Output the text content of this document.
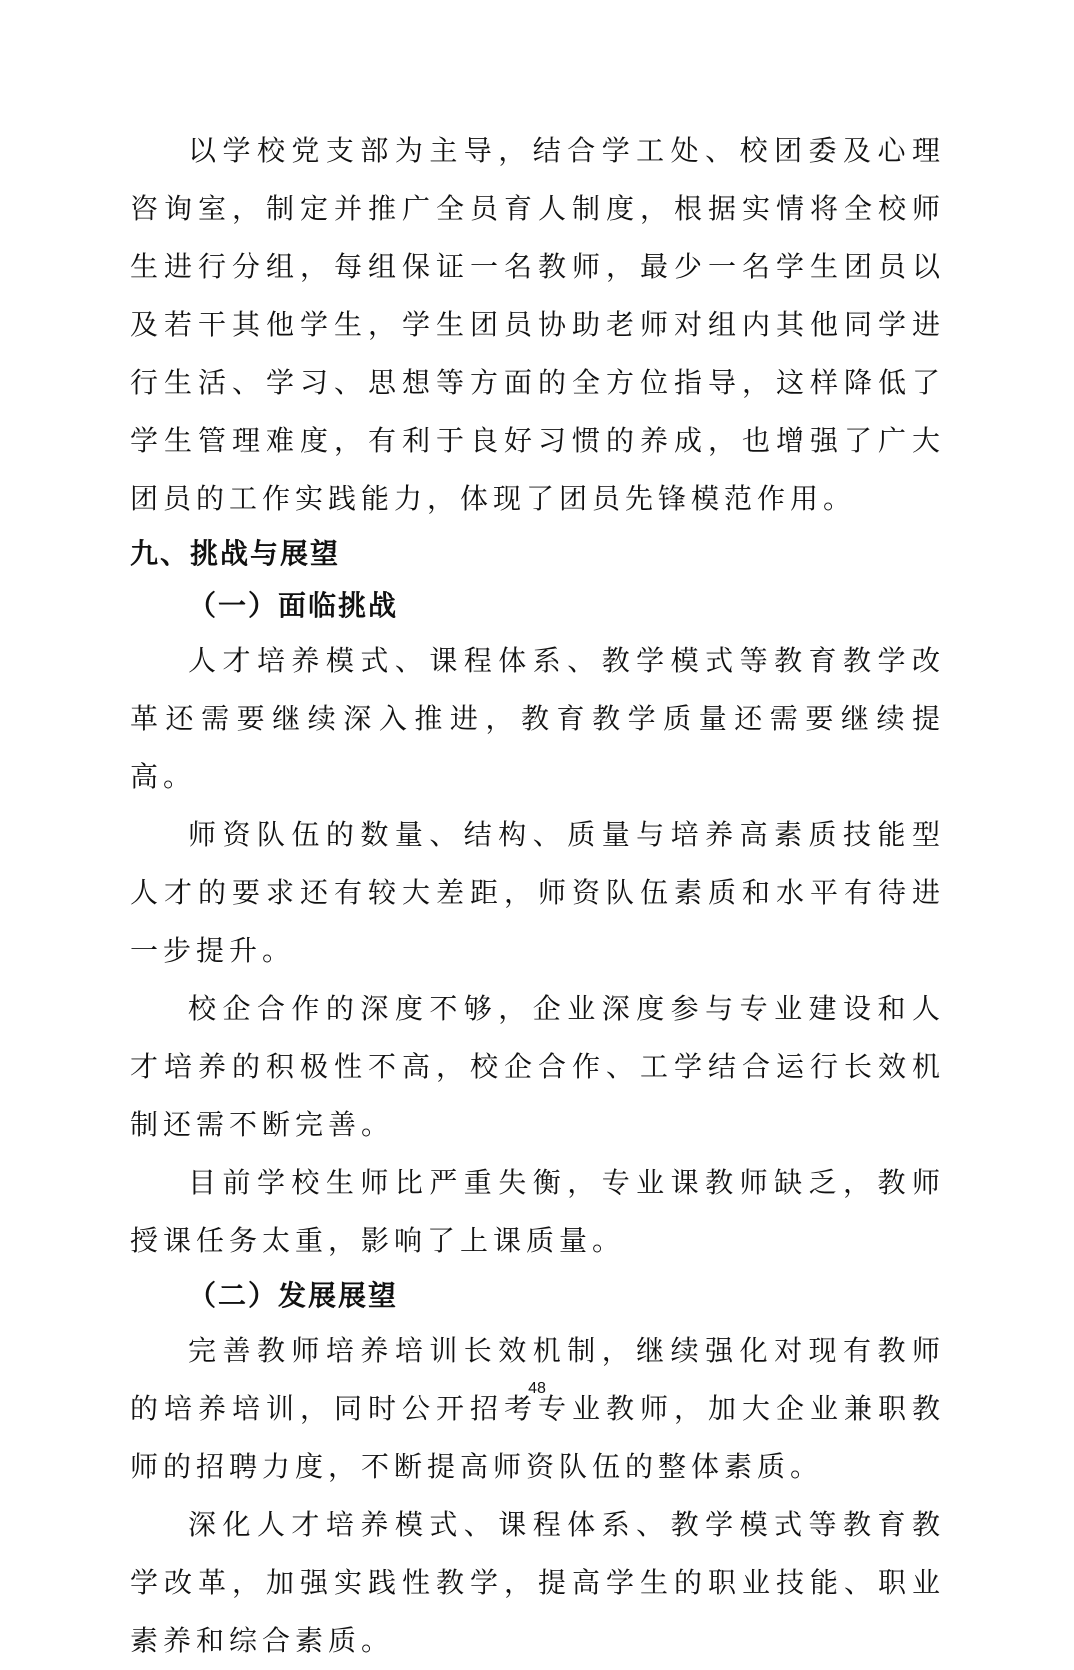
以学校党支部为主导，结合学工处、校团委及心理咨询室，制定并推广全员育人制度，根据实情将全校师生进行分组，每组保证一名教师，最少一名学生团员以及若干其他学生，学生团员协助老师对组内其他同学进行生活、学习、思想等方面的全方位指导，这样降低了学生管理难度，有利于良好习惯的养成，也增强了广大团员的工作实践能力，体现了团员先锋模范作用。

九、挑战与展望

（一）面临挑战

人才培养模式、课程体系、教学模式等教育教学改革还需要继续深入推进，教育教学质量还需要继续提高。

师资队伍的数量、结构、质量与培养高素质技能型人才的要求还有较大差距，师资队伍素质和水平有待进一步提升。

校企合作的深度不够，企业深度参与专业建设和人才培养的积极性不高，校企合作、工学结合运行长效机制还需不断完善。

目前学校生师比严重失衡，专业课教师缺乏，教师授课任务太重，影响了上课质量。

（二）发展展望

完善教师培养培训长效机制，继续强化对现有教师的培养培训，同时公开招考专业教师，加大企业兼职教师的招聘力度，不断提高师资队伍的整体素质。

深化人才培养模式、课程体系、教学模式等教育教学改革，加强实践性教学，提高学生的职业技能、职业素养和综合素质。

48
